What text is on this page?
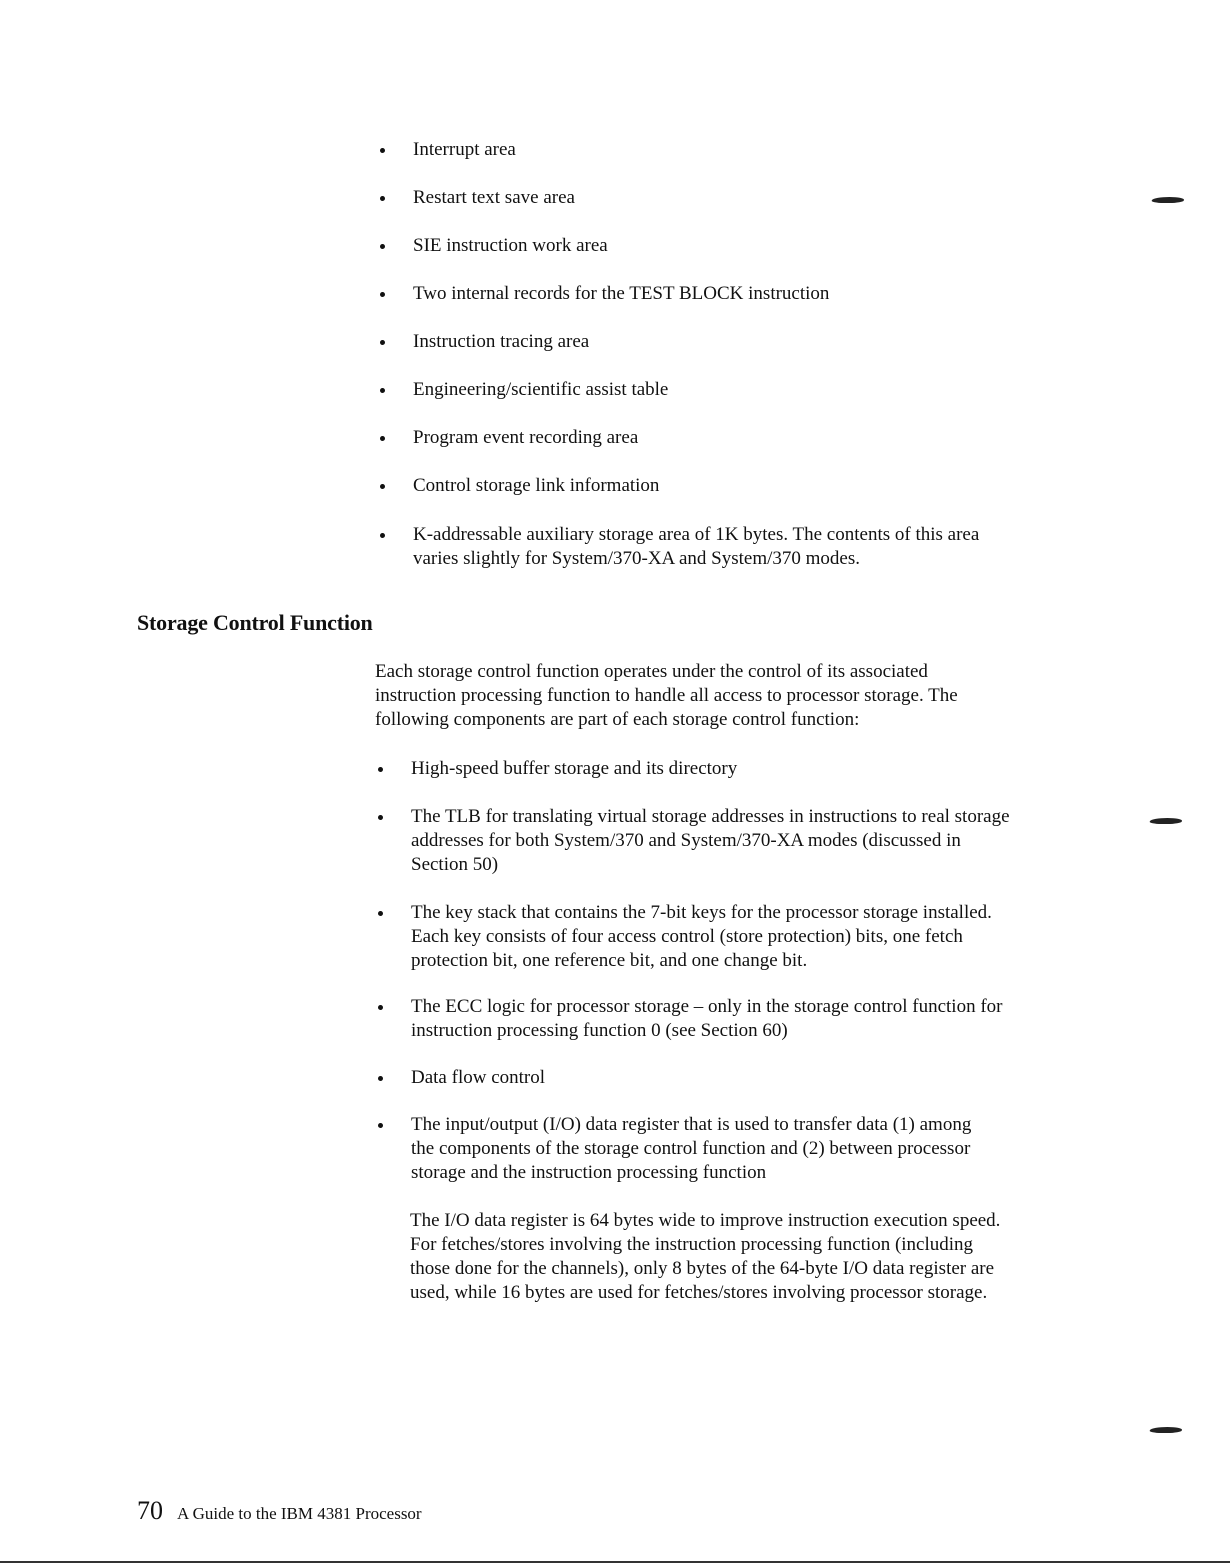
Interrupt area
Restart text save area
SIE instruction work area
Two internal records for the TEST BLOCK instruction
Instruction tracing area
Engineering/scientific assist table
Program event recording area
Control storage link information
K-addressable auxiliary storage area of 1K bytes. The contents of this area
varies slightly for System/370-XA and System/370 modes.
Storage Control Function
Each storage control function operates under the control of its associated
instruction processing function to handle all access to processor storage. The
following components are part of each storage control function:
High-speed buffer storage and its directory
The TLB for translating virtual storage addresses in instructions to real storage
addresses for both System/370 and System/370-XA modes (discussed in
Section 50)
The key stack that contains the 7-bit keys for the processor storage installed.
Each key consists of four access control (store protection) bits, one fetch
protection bit, one reference bit, and one change bit.
The ECC logic for processor storage – only in the storage control function for
instruction processing function 0 (see Section 60)
Data flow control
The input/output (I/O) data register that is used to transfer data (1) among
the components of the storage control function and (2) between processor
storage and the instruction processing function
The I/O data register is 64 bytes wide to improve instruction execution speed.
For fetches/stores involving the instruction processing function (including
those done for the channels), only 8 bytes of the 64-byte I/O data register are
used, while 16 bytes are used for fetches/stores involving processor storage.
70 A Guide to the IBM 4381 Processor
